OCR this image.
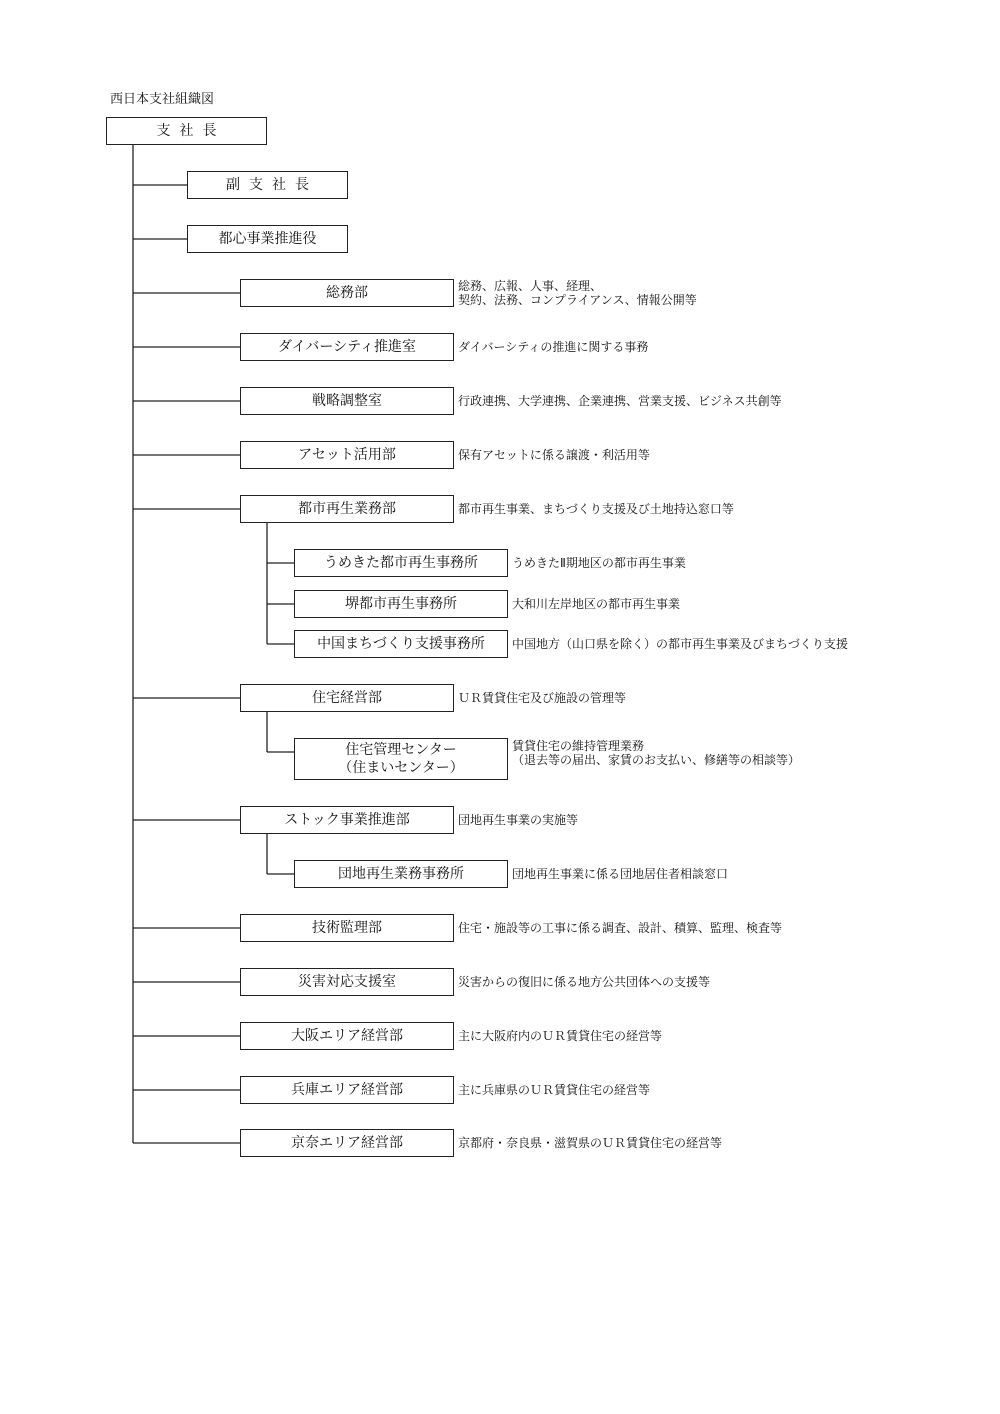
西日本支社組織図
支社長
副支社長
都心事業推進役
総務部	総務、広報、人事、経理、
契約、法務、コンプライアンス、情報公開等
ダイバーシティ推進室	ダイバーシティの推進に関する事務
戦略調整室	行政連携、大学連携、企業連携、営業支援、ビジネス共創等
アセット活用部	保有アセットに係る譲渡・利活用等
都市再生業務部	都市再生事業、まちづくり支援及び土地持込窓口等
うめきた都市再生事務所	うめきたⅡ期地区の都市再生事業
堺都市再生事務所	大和川左岸地区の都市再生事業
中国まちづくり支援事務所	中国地方（山口県を除く）の都市再生事業及びまちづくり支援
住宅経営部	ＵＲ賃貸住宅及び施設の管理等
住宅管理センター
（住まいセンター）
賃貸住宅の維持管理業務
（退去等の届出、家賃のお支払い、修繕等の相談等）
ストック事業推進部	団地再生事業の実施等
団地再生業務事務所	団地再生事業に係る団地居住者相談窓口
技術監理部	住宅・施設等の工事に係る調査、設計、積算、監理、検査等
災害対応支援室	災害からの復旧に係る地方公共団体への支援等
大阪エリア経営部	主に大阪府内のＵＲ賃貸住宅の経営等
兵庫エリア経営部	主に兵庫県のＵＲ賃貸住宅の経営等
京奈エリア経営部	京都府・奈良県・滋賀県のＵＲ賃貸住宅の経営等
